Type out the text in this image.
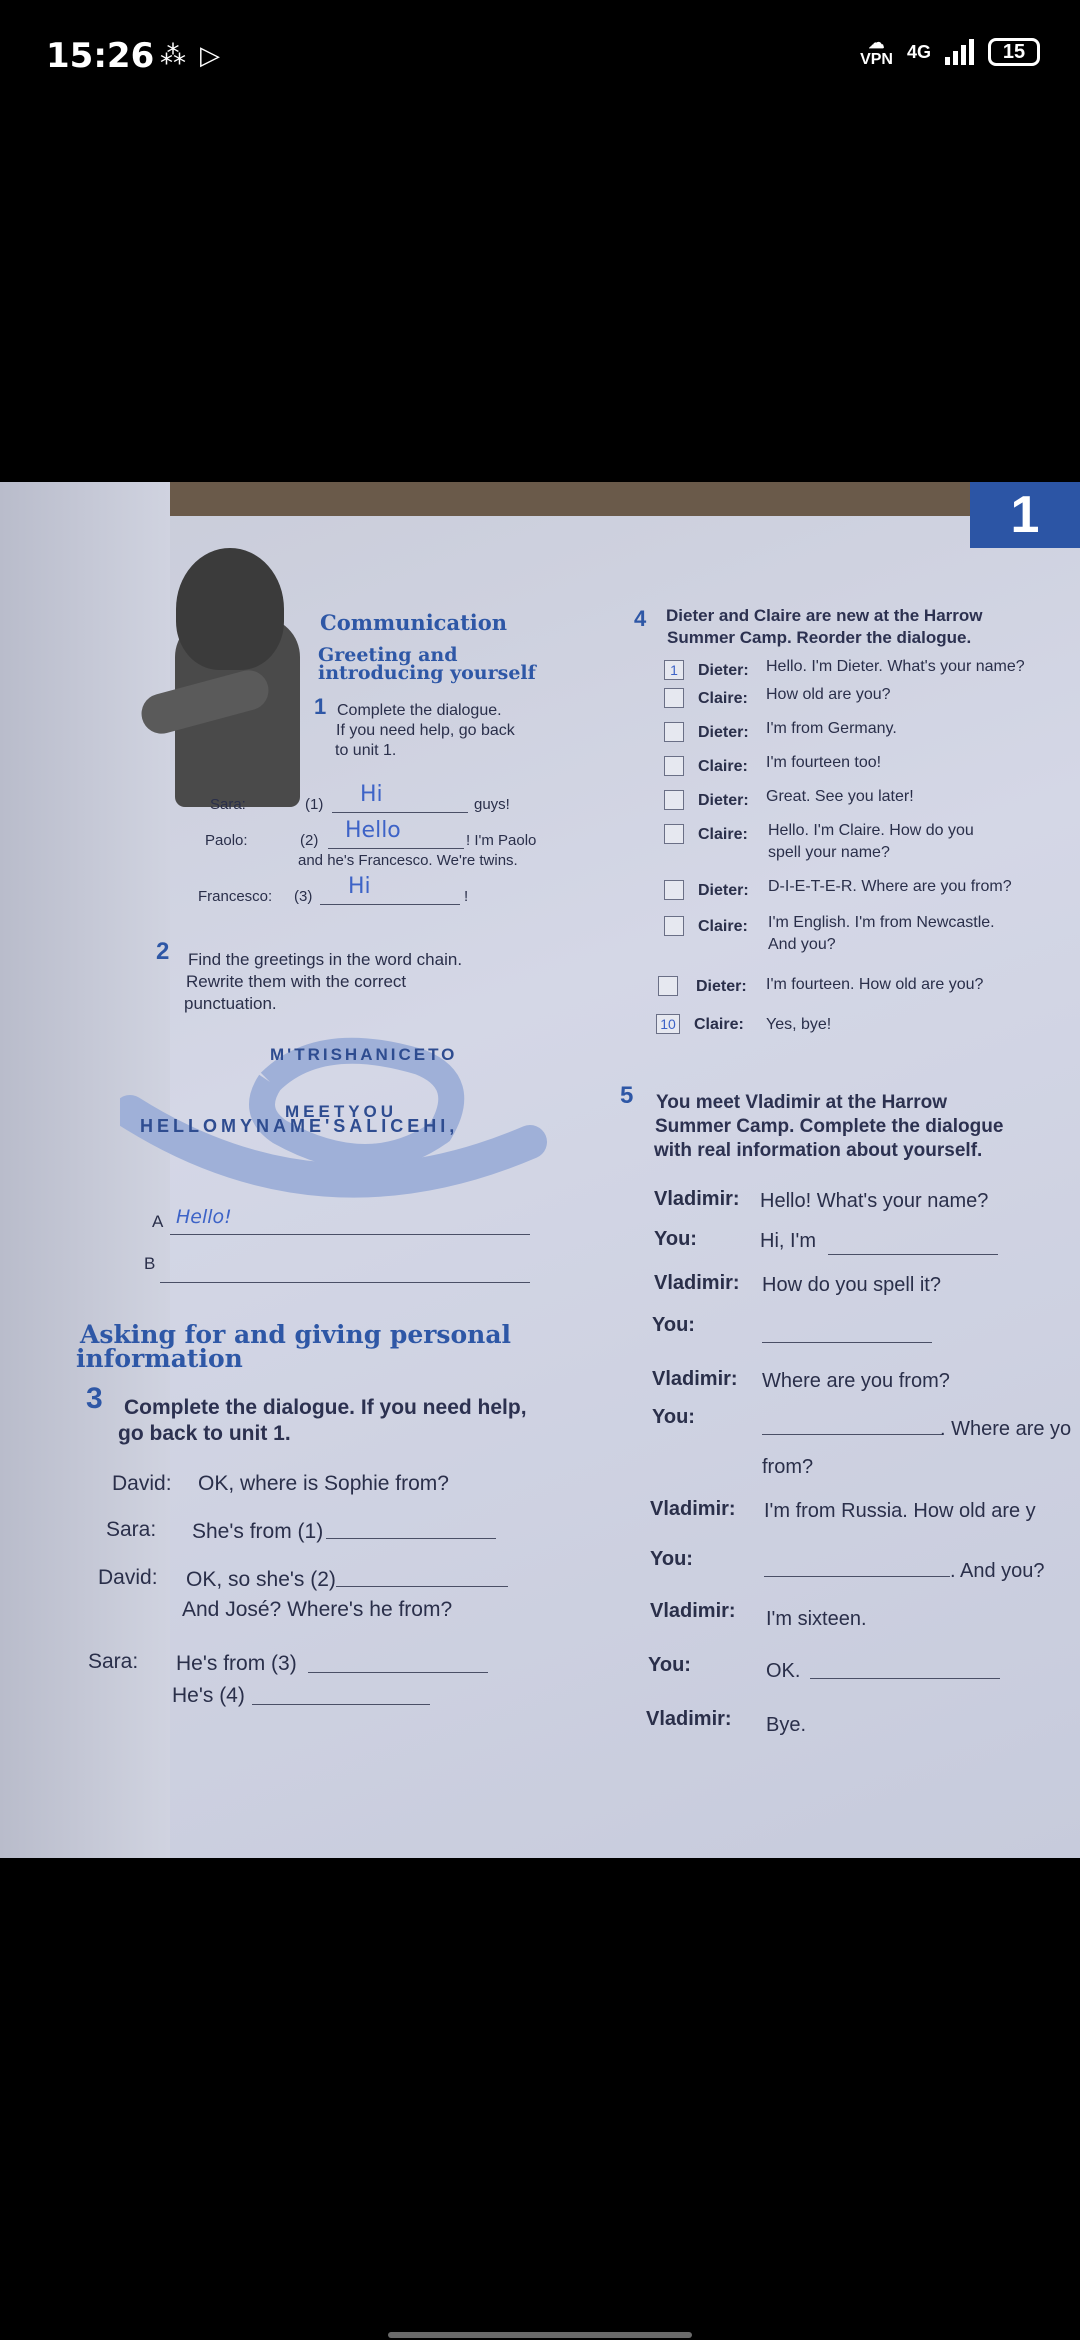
15:26 ⁂ ▷	☁
VPN 4G	15
1
Communication
Greeting and introducing yourself
1 Complete the dialogue.
If you need help, go back
to unit 1.
Sara:	(1) Hi	guys!
Paolo:	(2) Hello	! I'm Paolo
and he's Francesco. We're twins.
Francesco: (3) Hi	!
2 Find the greetings in the word chain.
Rewrite them with the correct
punctuation.
HELLOMYNAME'SALICEHI,
MEETYOU
M'TRISHANICETO
A Hello!
B
Asking for and giving personal
information
3 Complete the dialogue. If you need help,
go back to unit 1.
David: OK, where is Sophie from?
Sara: She's from (1)
David: OK, so she's (2)
And José? Where's he from?
Sara: He's from (3)
He's (4)
4 Dieter and Claire are new at the Harrow
Summer Camp. Reorder the dialogue.
1	Dieter: Hello. I'm Dieter. What's your name?
Claire: How old are you?
Dieter: I'm from Germany.
Claire: I'm fourteen too!
Dieter: Great. See you later!
Claire: Hello. I'm Claire. How do you
spell your name?
Dieter: D-I-E-T-E-R. Where are you from?
Claire: I'm English. I'm from Newcastle.
And you?
Dieter: I'm fourteen. How old are you?
10 Claire: Yes, bye!
5 You meet Vladimir at the Harrow
Summer Camp. Complete the dialogue
with real information about yourself.
Vladimir: Hello! What's your name?
You:	Hi, I'm
Vladimir: How do you spell it?
You:
Vladimir: Where are you from?
You:
. Where are yo
from?
Vladimir: I'm from Russia. How old are y
You:
. And you?
Vladimir: I'm sixteen.
You:	OK.
Vladimir: Bye.
